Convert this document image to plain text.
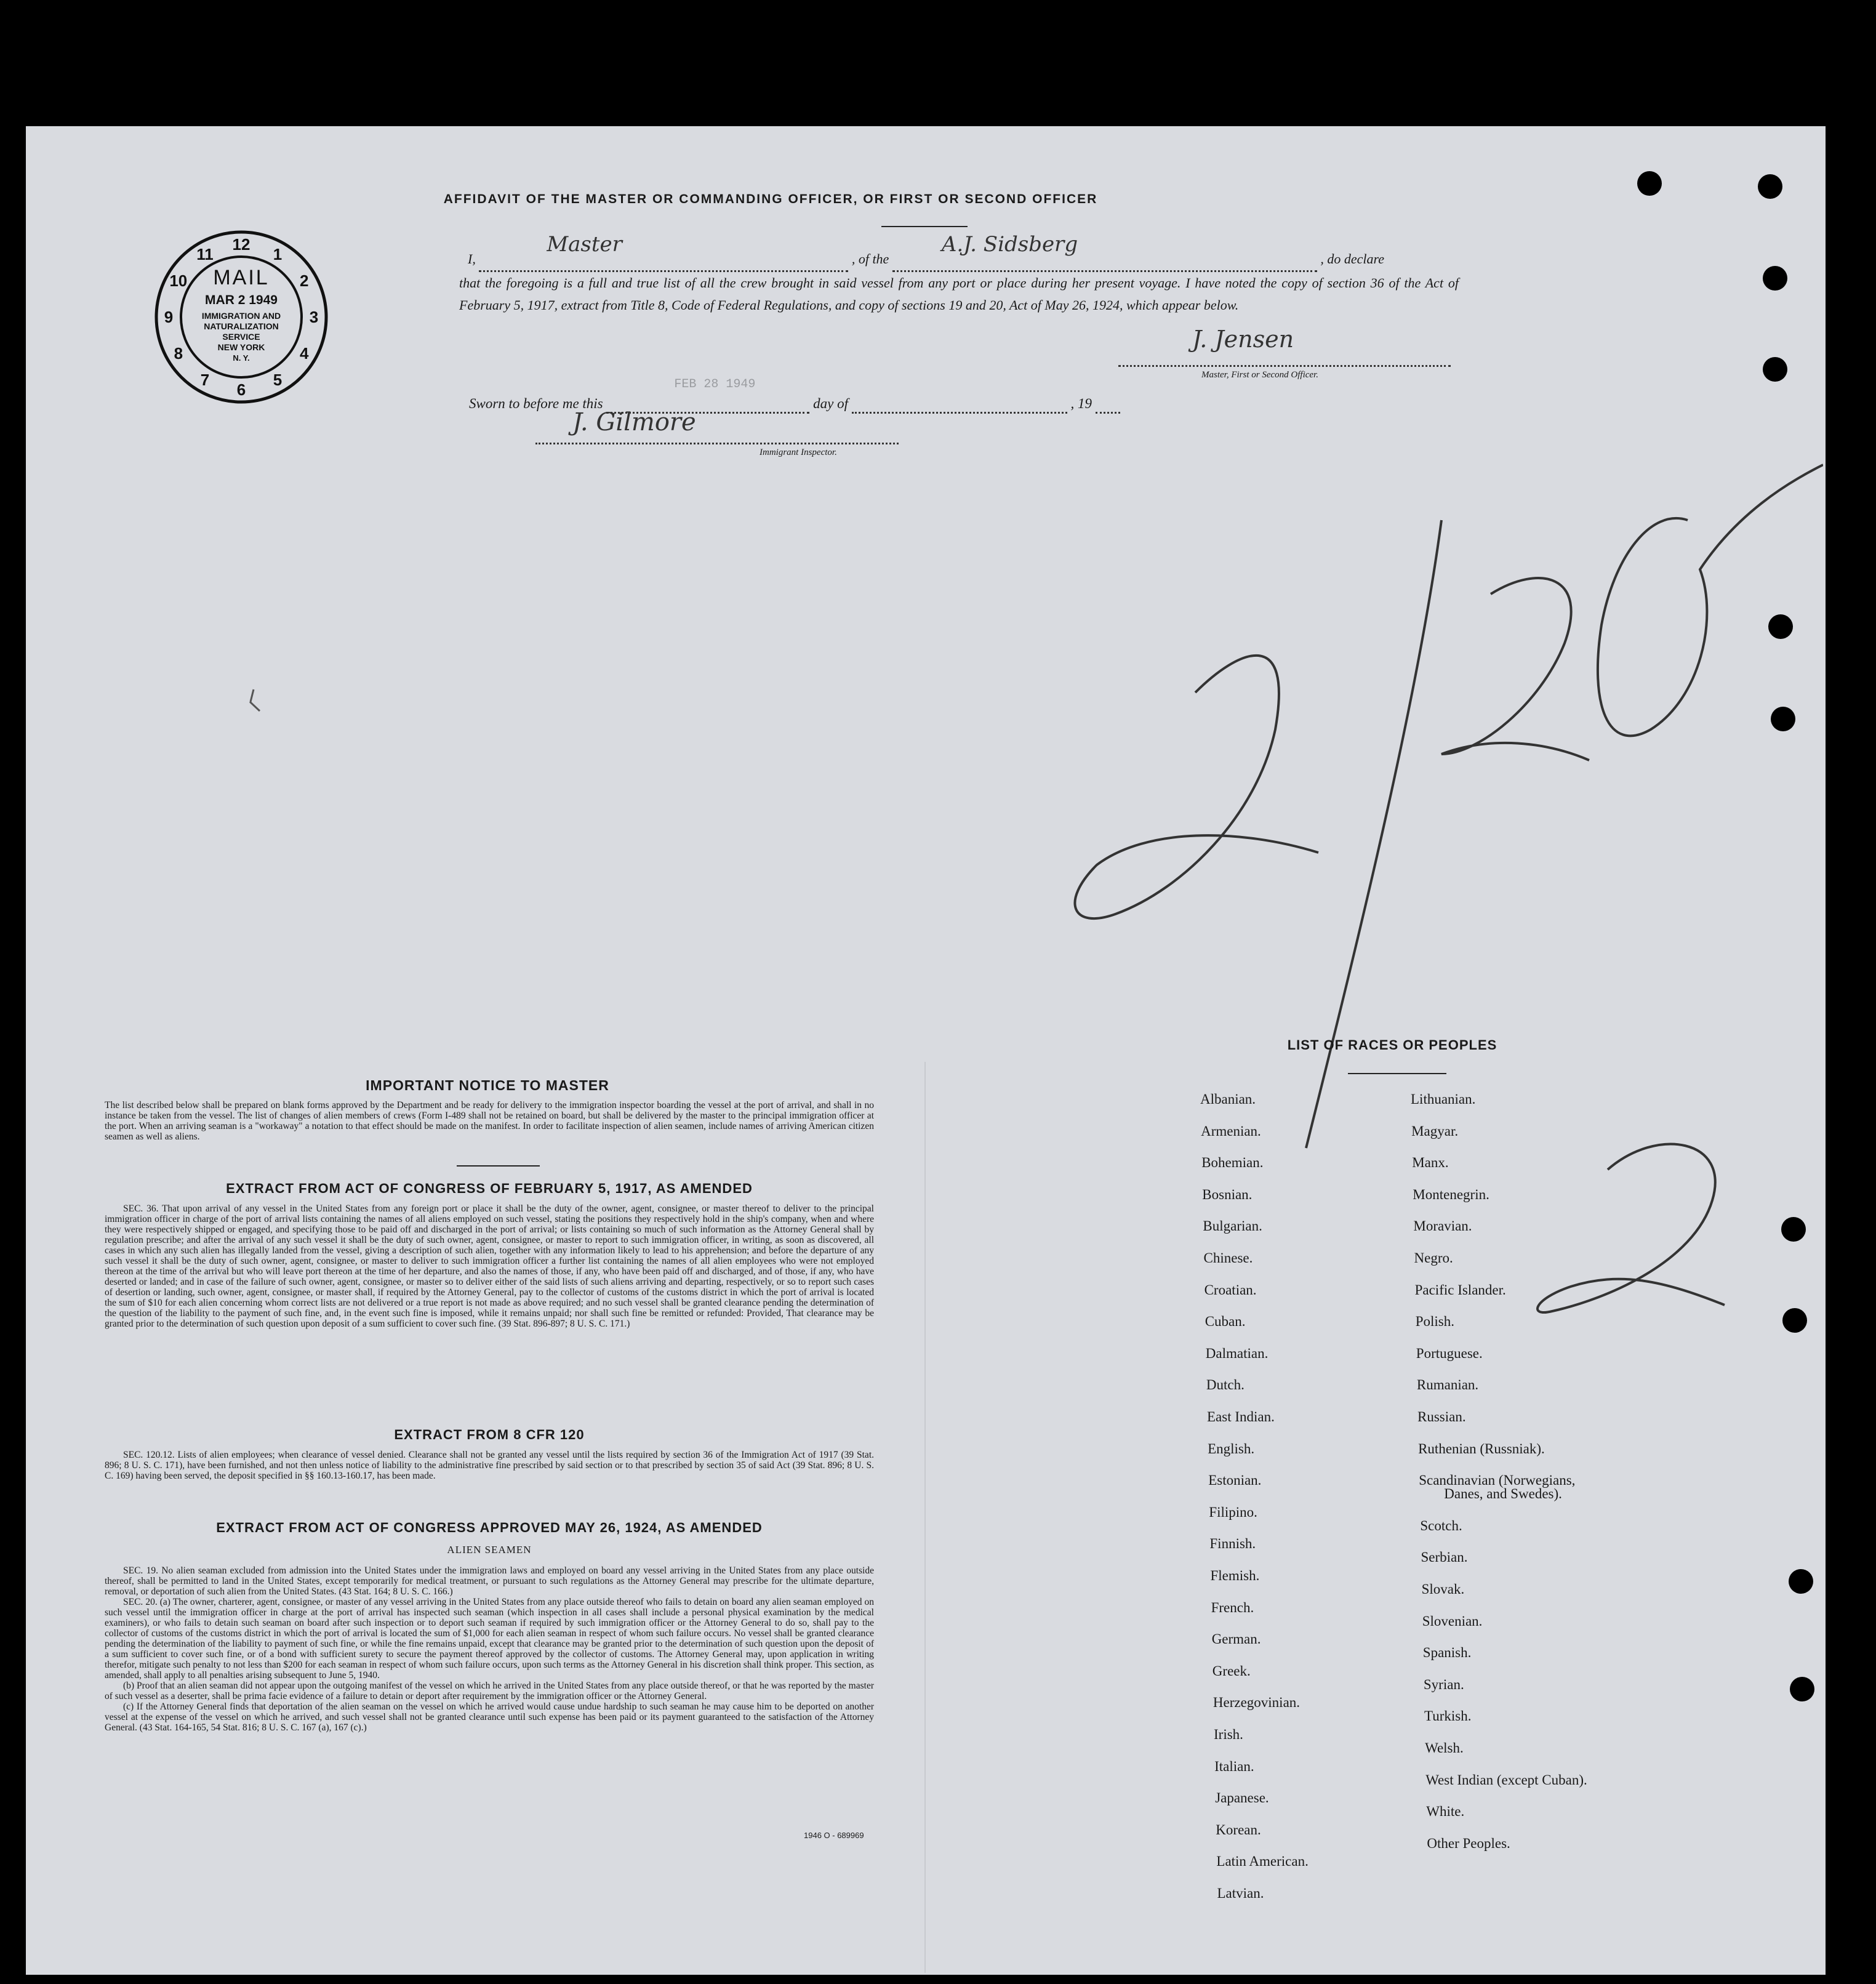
AFFIDAVIT OF THE MASTER OR COMMANDING OFFICER, OR FIRST OR SECOND OFFICER
I,
Master
, of the
A.J. Sidsberg
, do declare
that the foregoing is a full and true list of all the crew brought in said vessel from any port or place during her present voyage. I have noted the copy of section 36 of the Act of February 5, 1917, extract from Title 8, Code of Federal Regulations, and copy of sections 19 and 20, Act of May 26, 1924, which appear below.
J. Jensen
Master, First or Second Officer.
Sworn to before me this
FEB 28 1949
day of	, 19
J. Gilmore
Immigrant Inspector.
12
1
2
3
4
5
6
7
8
9
10
11
MAIL
MAR 2 1949
IMMIGRATION AND
NATURALIZATION
SERVICE
NEW YORK
N. Y.	2/28
IMPORTANT NOTICE TO MASTER
The list described below shall be prepared on blank forms approved by the Department and be ready for delivery to the immigration inspector boarding the vessel at the port of arrival, and shall in no instance be taken from the vessel. The list of changes of alien members of crews (Form I-489 shall not be retained on board, but shall be delivered by the master to the principal immigration officer at the port. When an arriving seaman is a "workaway" a notation to that effect should be made on the manifest. In order to facilitate inspection of alien seamen, include names of arriving American citizen seamen as well as aliens.
EXTRACT FROM ACT OF CONGRESS OF FEBRUARY 5, 1917, AS AMENDED
SEC. 36. That upon arrival of any vessel in the United States from any foreign port or place it shall be the duty of the owner, agent, consignee, or master thereof to deliver to the principal immigration officer in charge of the port of arrival lists containing the names of all aliens employed on such vessel, stating the positions they respectively hold in the ship's company, when and where they were respectively shipped or engaged, and specifying those to be paid off and discharged in the port of arrival; or lists containing so much of such information as the Attorney General shall by regulation prescribe; and after the arrival of any such vessel it shall be the duty of such owner, agent, consignee, or master to report to such immigration officer, in writing, as soon as discovered, all cases in which any such alien has illegally landed from the vessel, giving a description of such alien, together with any information likely to lead to his apprehension; and before the departure of any such vessel it shall be the duty of such owner, agent, consignee, or master to deliver to such immigration officer a further list containing the names of all alien employees who were not employed thereon at the time of the arrival but who will leave port thereon at the time of her departure, and also the names of those, if any, who have been paid off and discharged, and of those, if any, who have deserted or landed; and in case of the failure of such owner, agent, consignee, or master so to deliver either of the said lists of such aliens arriving and departing, respectively, or so to report such cases of desertion or landing, such owner, agent, consignee, or master shall, if required by the Attorney General, pay to the collector of customs of the customs district in which the port of arrival is located the sum of $10 for each alien concerning whom correct lists are not delivered or a true report is not made as above required; and no such vessel shall be granted clearance pending the determination of the question of the liability to the payment of such fine, and, in the event such fine is imposed, while it remains unpaid; nor shall such fine be remitted or refunded: Provided, That clearance may be granted prior to the determination of such question upon deposit of a sum sufficient to cover such fine. (39 Stat. 896-897; 8 U. S. C. 171.)
EXTRACT FROM 8 CFR 120
SEC. 120.12. Lists of alien employees; when clearance of vessel denied. Clearance shall not be granted any vessel until the lists required by section 36 of the Immigration Act of 1917 (39 Stat. 896; 8 U. S. C. 171), have been furnished, and not then unless notice of liability to the administrative fine prescribed by said section or to that prescribed by section 35 of said Act (39 Stat. 896; 8 U. S. C. 169) having been served, the deposit specified in §§ 160.13-160.17, has been made.
EXTRACT FROM ACT OF CONGRESS APPROVED MAY 26, 1924, AS AMENDED
ALIEN SEAMEN
SEC. 19. No alien seaman excluded from admission into the United States under the immigration laws and employed on board any vessel arriving in the United States from any place outside thereof, shall be permitted to land in the United States, except temporarily for medical treatment, or pursuant to such regulations as the Attorney General may prescribe for the ultimate departure, removal, or deportation of such alien from the United States. (43 Stat. 164; 8 U. S. C. 166.)
SEC. 20. (a) The owner, charterer, agent, consignee, or master of any vessel arriving in the United States from any place outside thereof who fails to detain on board any alien seaman employed on such vessel until the immigration officer in charge at the port of arrival has inspected such seaman (which inspection in all cases shall include a personal physical examination by the medical examiners), or who fails to detain such seaman on board after such inspection or to deport such seaman if required by such immigration officer or the Attorney General to do so, shall pay to the collector of customs of the customs district in which the port of arrival is located the sum of $1,000 for each alien seaman in respect of whom such failure occurs. No vessel shall be granted clearance pending the determination of the liability to payment of such fine, or while the fine remains unpaid, except that clearance may be granted prior to the determination of such question upon the deposit of a sum sufficient to cover such fine, or of a bond with sufficient surety to secure the payment thereof approved by the collector of customs. The Attorney General may, upon application in writing therefor, mitigate such penalty to not less than $200 for each seaman in respect of whom such failure occurs, upon such terms as the Attorney General in his discretion shall think proper. This section, as amended, shall apply to all penalties arising subsequent to June 5, 1940.
(b) Proof that an alien seaman did not appear upon the outgoing manifest of the vessel on which he arrived in the United States from any place outside thereof, or that he was reported by the master of such vessel as a deserter, shall be prima facie evidence of a failure to detain or deport after requirement by the immigration officer or the Attorney General.
(c) If the Attorney General finds that deportation of the alien seaman on the vessel on which he arrived would cause undue hardship to such seaman he may cause him to be deported on another vessel at the expense of the vessel on which he arrived, and such vessel shall not be granted clearance until such expense has been paid or its payment guaranteed to the satisfaction of the Attorney General. (43 Stat. 164-165, 54 Stat. 816; 8 U. S. C. 167 (a), 167 (c).)
1946 O - 689969
LIST OF RACES OR PEOPLES
2
Albanian.
Armenian.
Bohemian.
Bosnian.
Bulgarian.
Chinese.
Croatian.
Cuban.
Dalmatian.
Dutch.
East Indian.
English.
Estonian.
Filipino.
Finnish.
Flemish.
French.
German.
Greek.
Herzegovinian.
Irish.
Italian.
Japanese.
Korean.
Latin American.
Latvian.
Lithuanian.
Magyar.
Manx.
Montenegrin.
Moravian.
Negro.
Pacific Islander.
Polish.
Portuguese.
Rumanian.
Russian.
Ruthenian (Russniak).
Scandinavian (Norwegians,
Danes, and Swedes).
Scotch.
Serbian.
Slovak.
Slovenian.
Spanish.
Syrian.
Turkish.
Welsh.
West Indian (except Cuban).
White.
Other Peoples.
